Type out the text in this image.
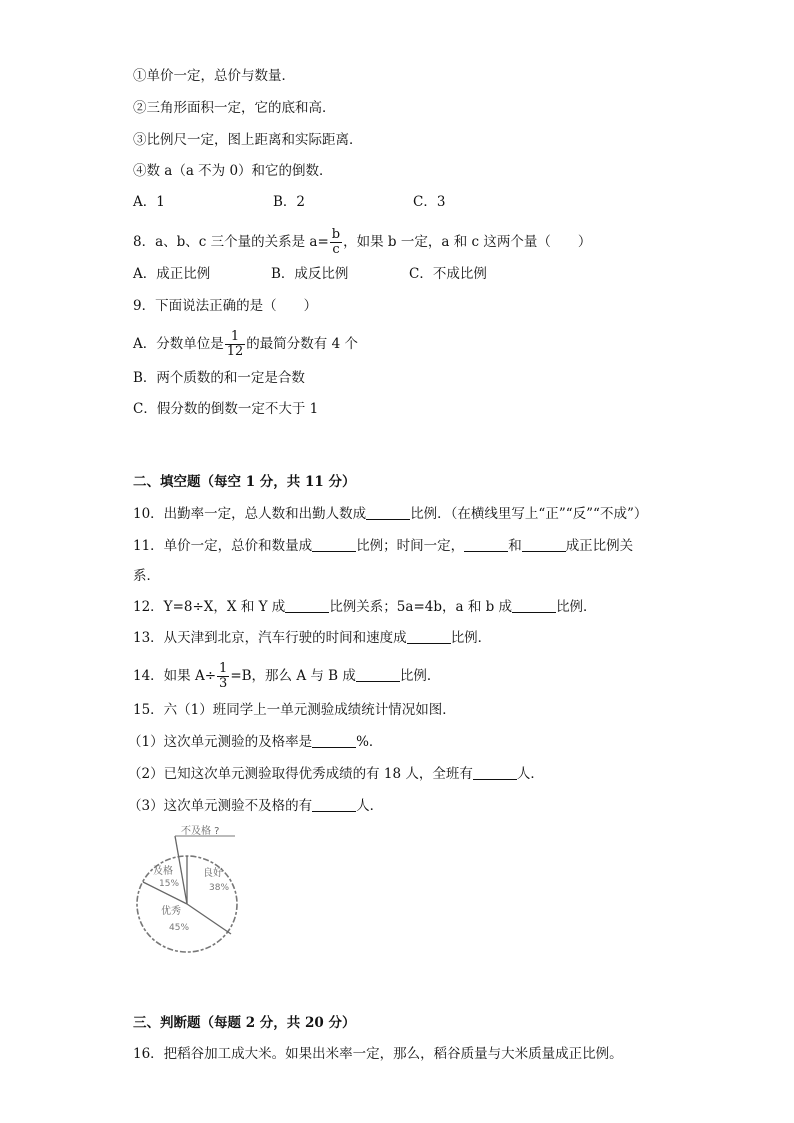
①单价一定，总价与数量．
②三角形面积一定，它的底和高．
③比例尺一定，图上距离和实际距离．
④数 a（a 不为 0）和它的倒数．
A．1	B．2	C．3
8．a、b、c 三个量的关系是 $a= \frac{b}{c}$ ，如果 b 一定，a 和 c 这两个量（　　）
A．成正比例	B．成反比例	C．不成比例
9．下面说法正确的是（　　）
A．分数单位是 $\frac{1}{12}$ 的最简分数有 4 个
B．两个质数的和一定是合数
C．假分数的倒数一定不大于 1
二、填空题（每空 1 分，共 11 分）
10．出勤率一定，总人数和出勤人数成	比例．（在横线里写上“正”“反”“不成”）
11．单价一定，总价和数量成	比例；时间一定，	和	成正比例关
系．
12．Y=8÷X，X 和 Y 成	比例关系；5a=4b，a 和 b 成	比例．
13．从天津到北京，汽车行驶的时间和速度成	比例．
14．如果 $A\div \frac{1}{3} =B$，那么 A 与 B 成	比例．
15．六（1）班同学上一单元测验成绩统计情况如图．
（1）这次单元测验的及格率是	%．
（2）已知这次单元测验取得优秀成绩的有 18 人，全班有	人．
（3）这次单元测验不及格的有	人．
不及格 ?
及格
15%
良好
38%
优秀
45%
三、判断题（每题 2 分，共 20 分）
16．把稻谷加工成大米。如果出米率一定，那么，稻谷质量与大米质量成正比例。
